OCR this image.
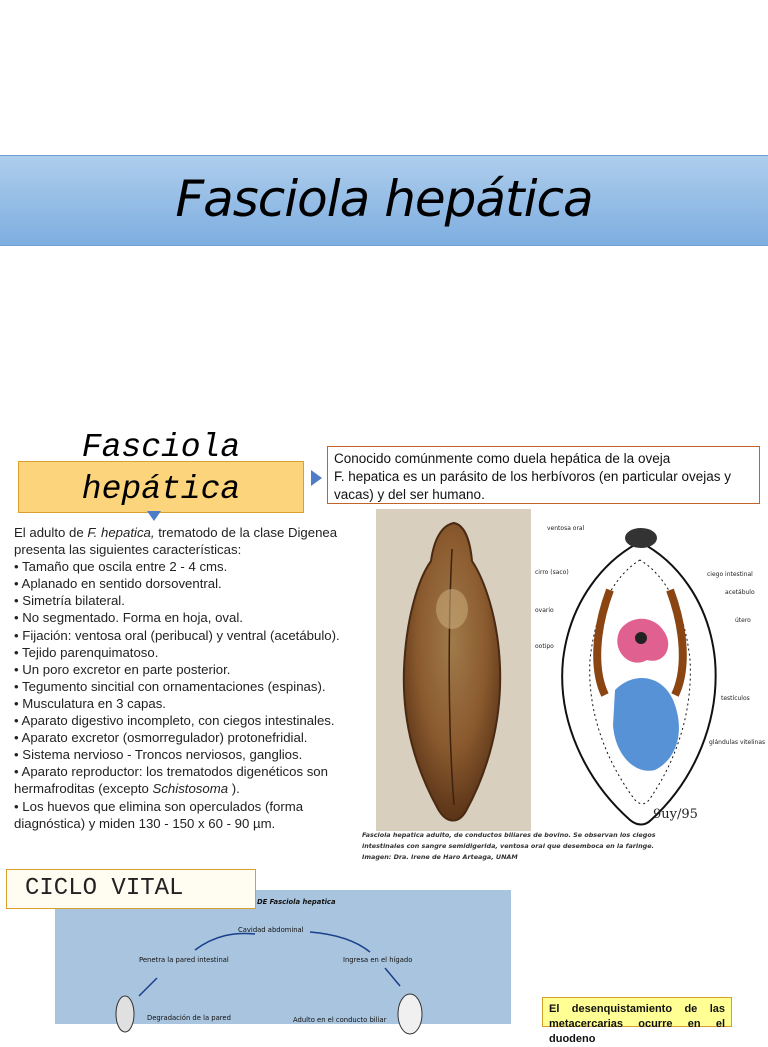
Fasciola hepática
Fasciola
hepática
Conocido comúnmente como duela hepática de la oveja
F. hepatica es un parásito de los herbívoros (en particular ovejas y vacas) y del ser humano.

El adulto de F. hepatica, trematodo de la clase Digenea presenta las siguientes características:

• Tamaño que oscila entre 2 - 4 cms.

• Aplanado en sentido dorsoventral.

• Simetría bilateral.

• No segmentado. Forma en hoja, oval.

• Fijación: ventosa oral (peribucal) y ventral (acetábulo).

• Tejido parenquimatoso.

• Un poro excretor en parte posterior.

• Tegumento sincitial con ornamentaciones (espinas).

• Musculatura en 3 capas.

• Aparato digestivo incompleto, con ciegos intestinales.

• Aparato excretor (osmorregulador) protonefridial.

• Sistema nervioso - Troncos nerviosos, ganglios.

• Aparato reproductor: los trematodos digenéticos son hermafroditas (excepto Schistosoma ).

• Los huevos que elimina son operculados (forma diagnóstica) y miden 130 - 150 x 60 - 90 µm.

ventosa oral
cirro (saco)
ovario
ootipo
ciego intestinal
acetábulo
útero
testículos
glándulas vitelinas
9uy/95
Fasciola hepatica adulto, de conductos biliares de bovino. Se observan los ciegos intestinales con sangre semidigerida, ventosa oral que desemboca en la faringe. Imagen: Dra. Irene de Haro Arteaga, UNAM
DE Fasciola hepatica
Cavidad abdominal
Penetra la pared intestinal	Ingresa en el hígado
Degradación de la pared	Adulto en el conducto biliar
CICLO VITAL
El desenquistamiento de las metacercarias ocurre en el duodeno
